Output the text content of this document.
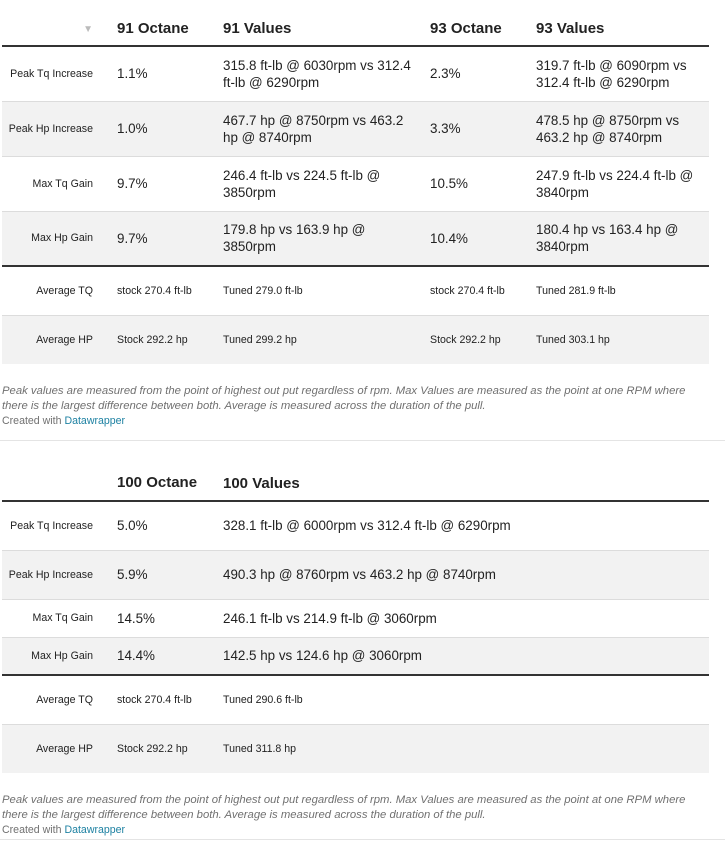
▼	91 Octane	91 Values	93 Octane	93 Values
Peak Tq Increase	1.1%	315.8 ft-lb @ 6030rpm vs 312.4 ft-lb @ 6290rpm	2.3%	319.7 ft-lb @ 6090rpm vs 312.4 ft-lb @ 6290rpm
Peak Hp Increase	1.0%	467.7 hp @ 8750rpm vs 463.2 hp @ 8740rpm	3.3%	478.5 hp @ 8750rpm vs 463.2 hp @ 8740rpm
Max Tq Gain	9.7%	246.4 ft-lb vs 224.5 ft-lb @ 3850rpm	10.5%	247.9 ft-lb vs 224.4 ft-lb @ 3840rpm
Max Hp Gain	9.7%	179.8 hp vs 163.9 hp @ 3850rpm	10.4%	180.4 hp vs 163.4 hp @ 3840rpm
Average TQ	stock 270.4 ft-lb	Tuned 279.0 ft-lb	stock 270.4 ft-lb	Tuned 281.9 ft-lb
Average HP	Stock 292.2 hp	Tuned 299.2 hp	Stock 292.2 hp	Tuned 303.1 hp
Peak values are measured from the point of highest out put regardless of rpm. Max Values are measured as the point at one RPM where there is the largest difference between both. Average is measured across the duration of the pull.
Created with Datawrapper
	100 Octane	100 Values
Peak Tq Increase	5.0%	328.1 ft-lb @ 6000rpm vs 312.4 ft-lb @ 6290rpm
Peak Hp Increase	5.9%	490.3 hp @ 8760rpm vs 463.2 hp @ 8740rpm
Max Tq Gain	14.5%	246.1 ft-lb vs 214.9 ft-lb @ 3060rpm
Max Hp Gain	14.4%	142.5 hp vs 124.6 hp @ 3060rpm
Average TQ	stock 270.4 ft-lb	Tuned 290.6 ft-lb
Average HP	Stock 292.2 hp	Tuned 311.8 hp
Peak values are measured from the point of highest out put regardless of rpm. Max Values are measured as the point at one RPM where there is the largest difference between both. Average is measured across the duration of the pull.
Created with Datawrapper
